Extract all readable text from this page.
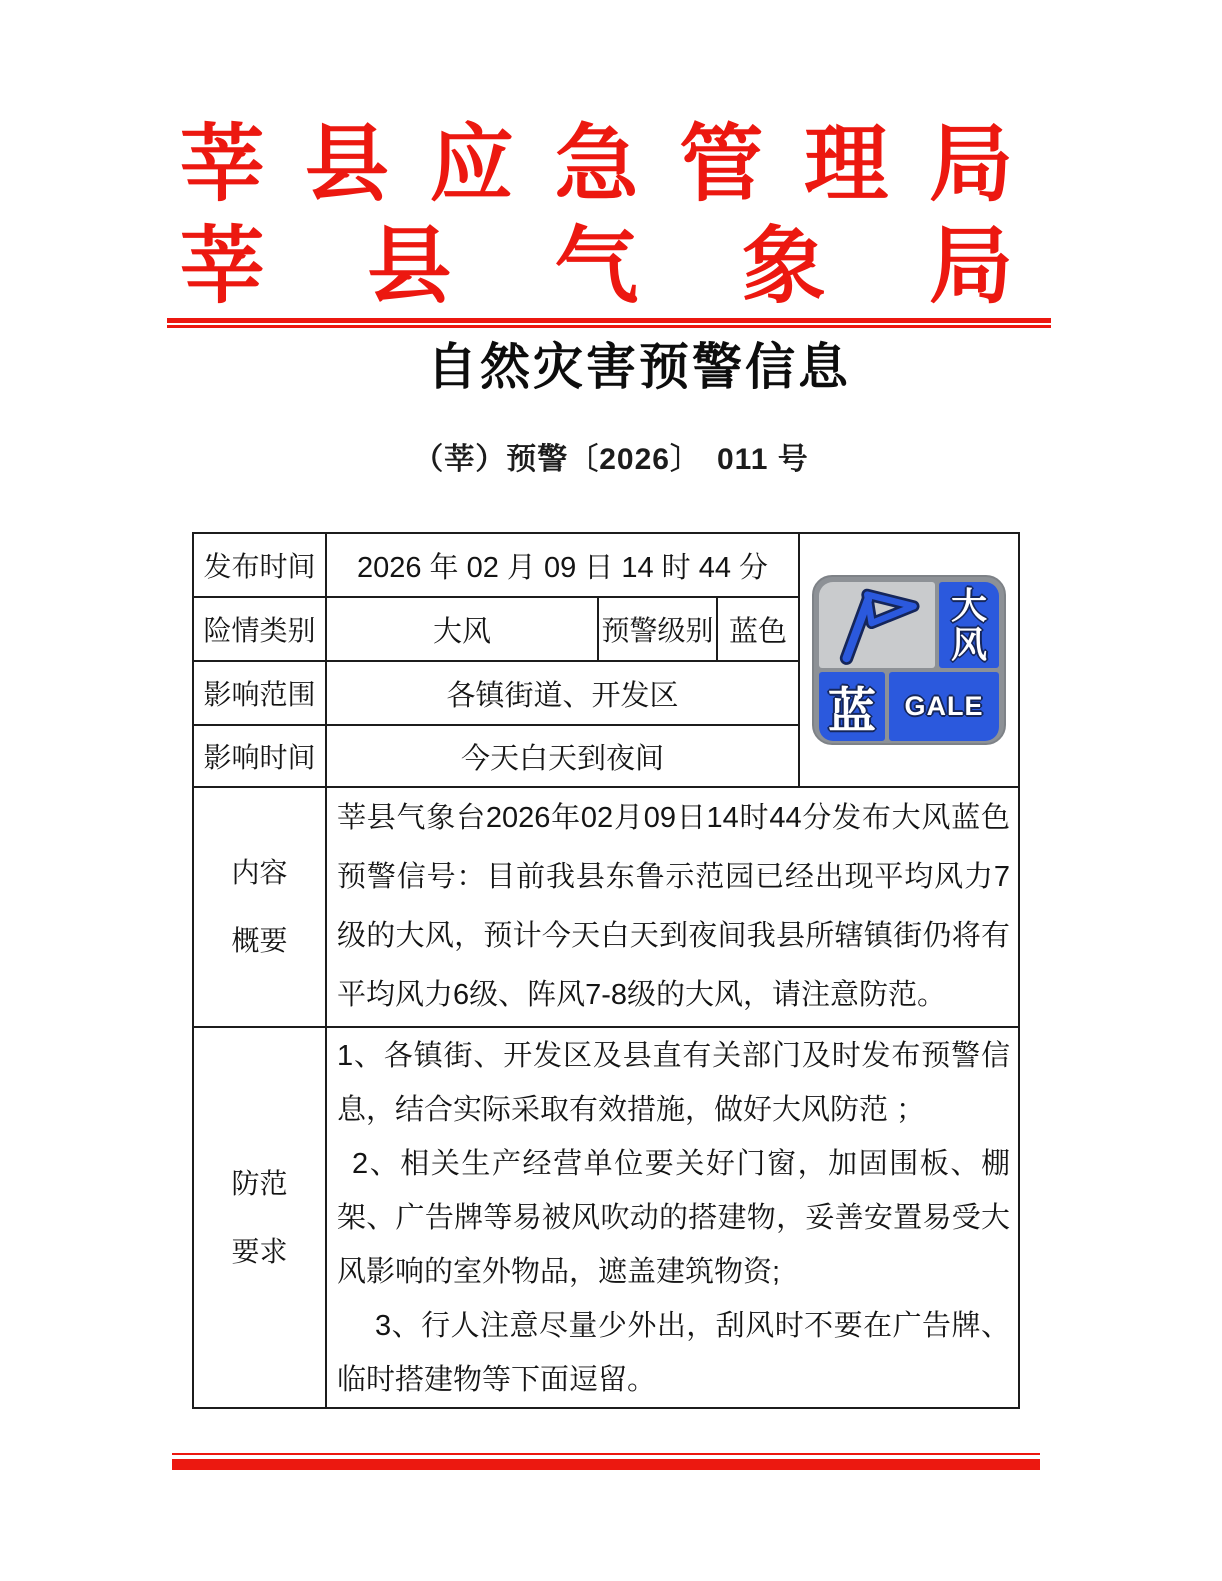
莘 县 应 急 管 理 局
莘 县 气 象 局
自然灾害预警信息
（莘）预警〔2026〕　011 号
发布时间	2026 年 02 月 09 日 14 时 44 分			大
风
蓝 GALE

险情类别	大风	预警级别	蓝色	
影响范围	各镇街道、开发区			
影响时间	今天白天到夜间			

内容概要	莘县气象台2026年02月09日14时44分发布大风蓝色预警信号：目前我县东鲁示范园已经出现平均风力7级的大风，预计今天白天到夜间我县所辖镇街仍将有平均风力6级、阵风7-8级的大风，请注意防范。			

防范要求	1、各镇街、开发区及县直有关部门及时发布预警信息，结合实际采取有效措施，做好大风防范 ；

2、相关生产经营单位要关好门窗，加固围板、棚架、广告牌等易被风吹动的搭建物，妥善安置易受大风影响的室外物品，遮盖建筑物资;

3、行人注意尽量少外出，刮风时不要在广告牌、临时搭建物等下面逗留。			
